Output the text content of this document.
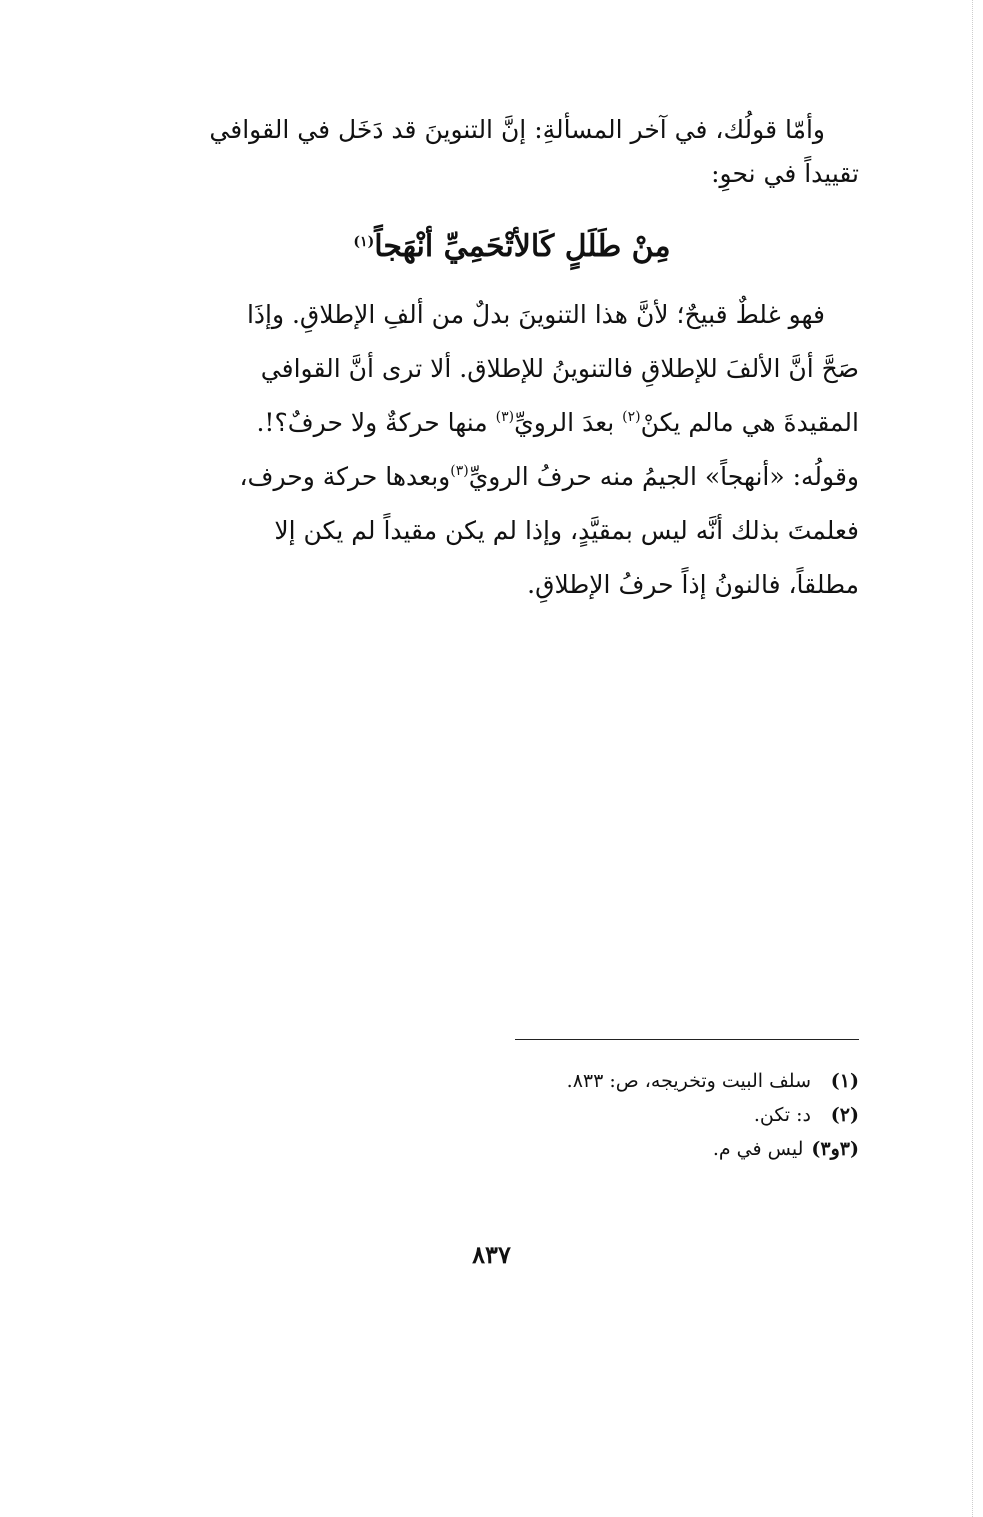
وأمّا قولُك، في آخر المسألةِ: إنَّ التنوينَ قد دَخَل في القوافي
تقييداً في نحوِ:
مِنْ طَلَلٍ كَالأتْحَمِيِّ أنْهَجاً$^{(١)}$
فهو غلطٌ قبيحٌ؛ لأنَّ هذا التنوينَ بدلٌ من ألفِ الإطلاقِ. وإذَا
صَحَّ أنَّ الألفَ للإطلاقِ فالتنوينُ للإطلاق. ألا ترى أنَّ القوافي
المقيدةَ هي مالم يكنْ$^{(٢)}$ بعدَ الرويِّ$^{(٣)}$ منها حركةٌ ولا حرفٌ؟!.
وقولُه: «أنهجاً» الجيمُ منه حرفُ الرويِّ$^{(٣)}$وبعدها حركة وحرف،
فعلمتَ بذلك أنَّه ليس بمقيَّدٍ، وإذا لم يكن مقيداً لم يكن إلا
مطلقاً، فالنونُ إذاً حرفُ الإطلاقِ.
(١)سلف البيت وتخريجه، ص: ٨٣٣.
(٢)د: تكن.
(٣و٣)ليس في م.
٨٣٧
